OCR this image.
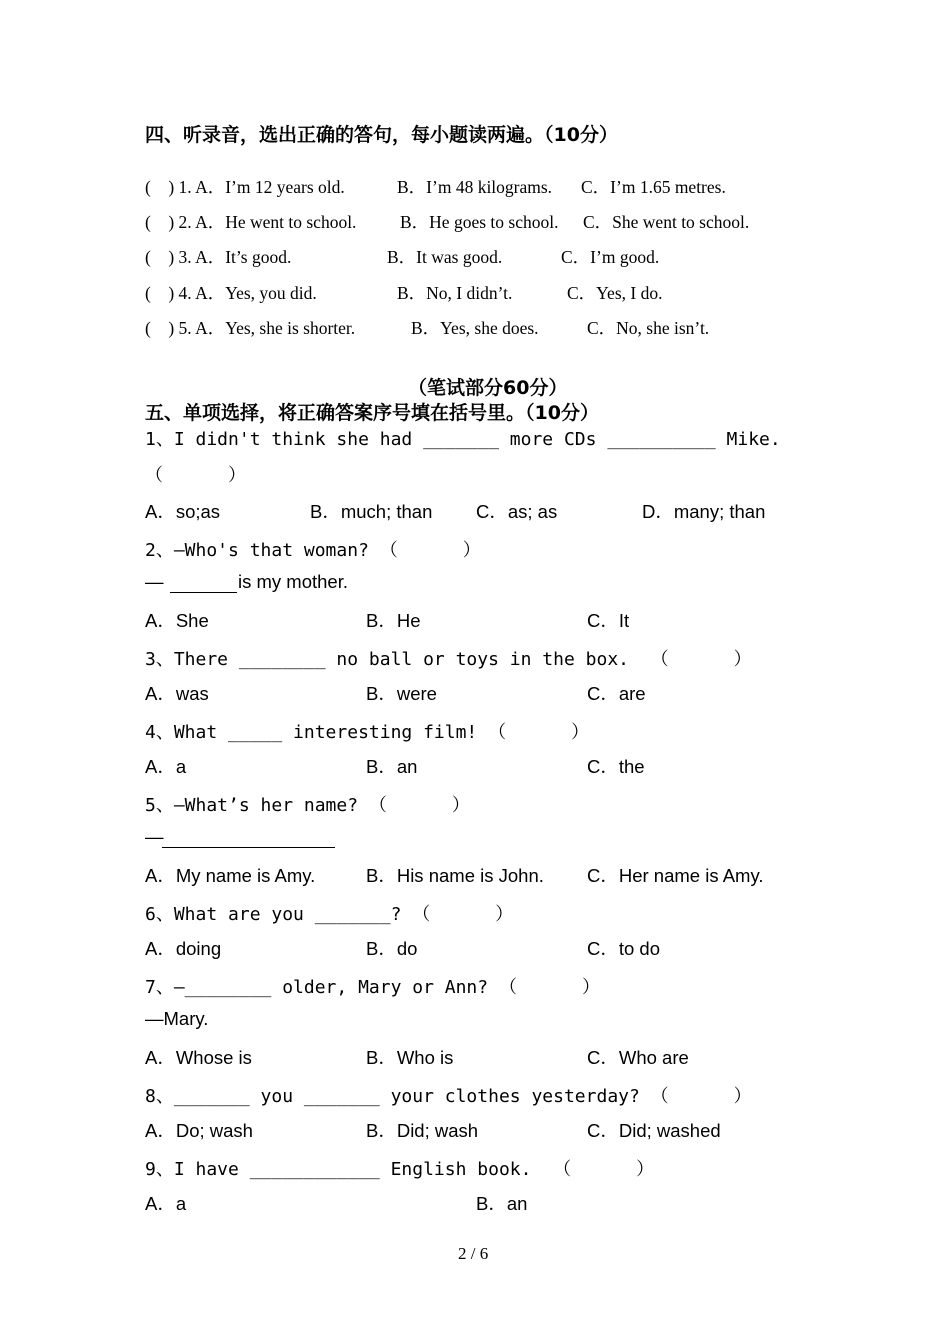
四、听录音，选出正确的答句，每小题读两遍。（10分）
(    ) 1. A．I’m 12 years old.	B．I’m 48 kilograms. C．I’m 1.65 metres.
(    ) 2. A．He went to school. B．He goes to school. C．She went to school.
(    ) 3. A．It’s good.	B．It was good.	C．I’m good.
(    ) 4. A．Yes, you did.	B．No, I didn’t.	C．Yes, I do.
(    ) 5. A．Yes, she is shorter.	B．Yes, she does.	C．No, she isn’t.
（笔试部分60分）
五、单项选择，将正确答案序号填在括号里。（10分）
1、I didn't think she had _______ more CDs __________ Mike.
（      ）
A．so;as	B．much; than C．as; as	D．many; than
2、—Who's that woman? （      ）
—	is my mother.
A．She	B．He	C．It
3、There ________ no ball or toys in the box.  （      ）
A．was	B．were	C．are
4、What _____ interesting film! （      ）
A．a	B．an	C．the
5、—What’s her name? （      ）
—
A．My name is Amy.	B．His name is John. C．Her name is Amy.
6、What are you _______? （      ）
A．doing	B．do	C．to do
7、—________ older, Mary or Ann? （      ）
—Mary.
A．Whose is	B．Who is	C．Who are
8、_______ you _______ your clothes yesterday? （      ）
A．Do; wash	B．Did; wash	C．Did; washed
9、I have ____________ English book.  （      ）
A．a	B．an
2 / 6
